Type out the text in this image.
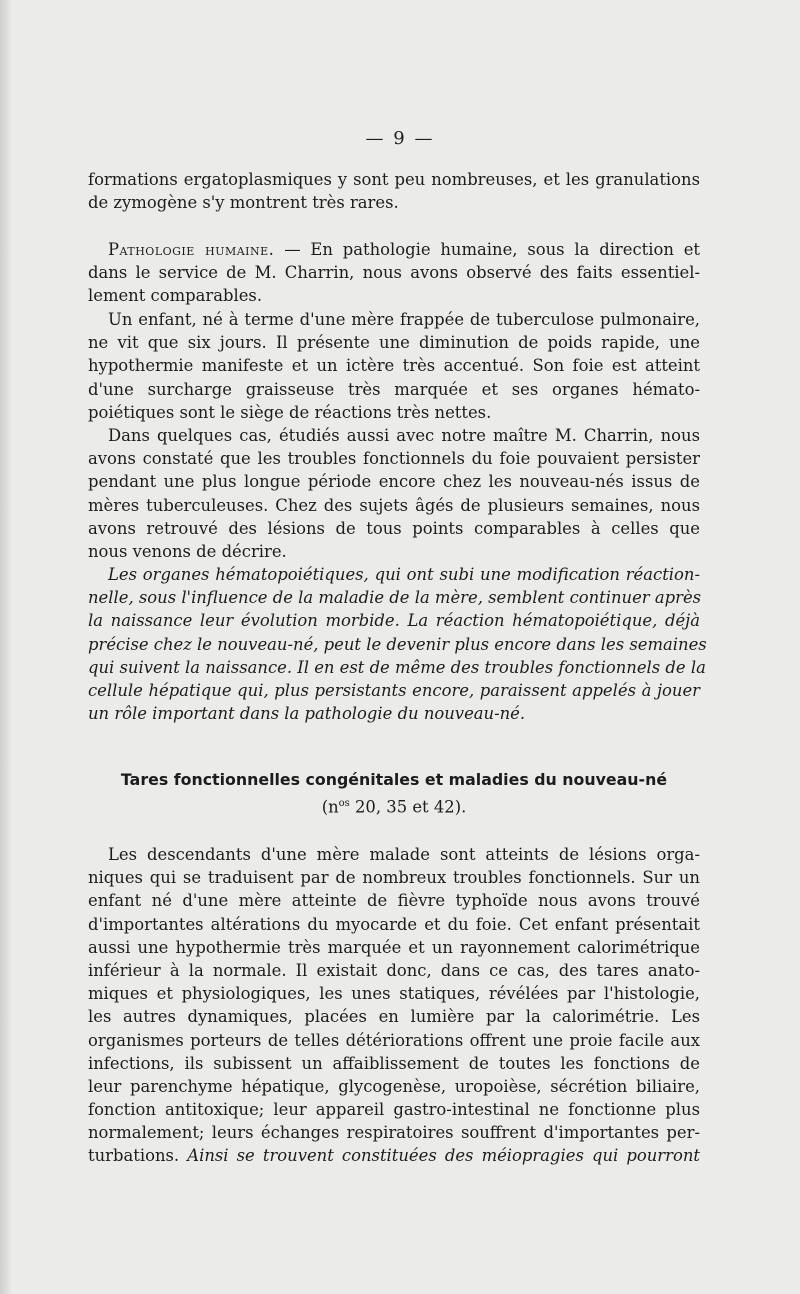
— 9 —
formations ergatoplasmiques y sont peu nombreuses, et les granulations
de zymogène s'y montrent très rares.
Pathologie humaine. — En pathologie humaine, sous la direction et
dans le service de M. Charrin, nous avons observé des faits essentiel-
lement comparables.
Un enfant, né à terme d'une mère frappée de tuberculose pulmonaire,
ne vit que six jours. Il présente une diminution de poids rapide, une
hypothermie manifeste et un ictère très accentué. Son foie est atteint
d'une surcharge graisseuse très marquée et ses organes hémato-
poiétiques sont le siège de réactions très nettes.
Dans quelques cas, étudiés aussi avec notre maître M. Charrin, nous
avons constaté que les troubles fonctionnels du foie pouvaient persister
pendant une plus longue période encore chez les nouveau-nés issus de
mères tuberculeuses. Chez des sujets âgés de plusieurs semaines, nous
avons retrouvé des lésions de tous points comparables à celles que
nous venons de décrire.
Les organes hématopoiétiques, qui ont subi une modification réaction-
nelle, sous l'influence de la maladie de la mère, semblent continuer après
la naissance leur évolution morbide. La réaction hématopoiétique, déjà
précise chez le nouveau-né, peut le devenir plus encore dans les semaines
qui suivent la naissance. Il en est de même des troubles fonctionnels de la
cellule hépatique qui, plus persistants encore, paraissent appelés à jouer
un rôle important dans la pathologie du nouveau-né.
Tares fonctionnelles congénitales et maladies du nouveau-né
($n^{os}$ 20, 35 et 42).
Les descendants d'une mère malade sont atteints de lésions orga-
niques qui se traduisent par de nombreux troubles fonctionnels. Sur un
enfant né d'une mère atteinte de fièvre typhoïde nous avons trouvé
d'importantes altérations du myocarde et du foie. Cet enfant présentait
aussi une hypothermie très marquée et un rayonnement calorimétrique
inférieur à la normale. Il existait donc, dans ce cas, des tares anato-
miques et physiologiques, les unes statiques, révélées par l'histologie,
les autres dynamiques, placées en lumière par la calorimétrie. Les
organismes porteurs de telles détériorations offrent une proie facile aux
infections, ils subissent un affaiblissement de toutes les fonctions de
leur parenchyme hépatique, glycogenèse, uropoièse, sécrétion biliaire,
fonction antitoxique; leur appareil gastro-intestinal ne fonctionne plus
normalement; leurs échanges respiratoires souffrent d'importantes per-
turbations. Ainsi se trouvent constituées des méiopragies qui pourront
